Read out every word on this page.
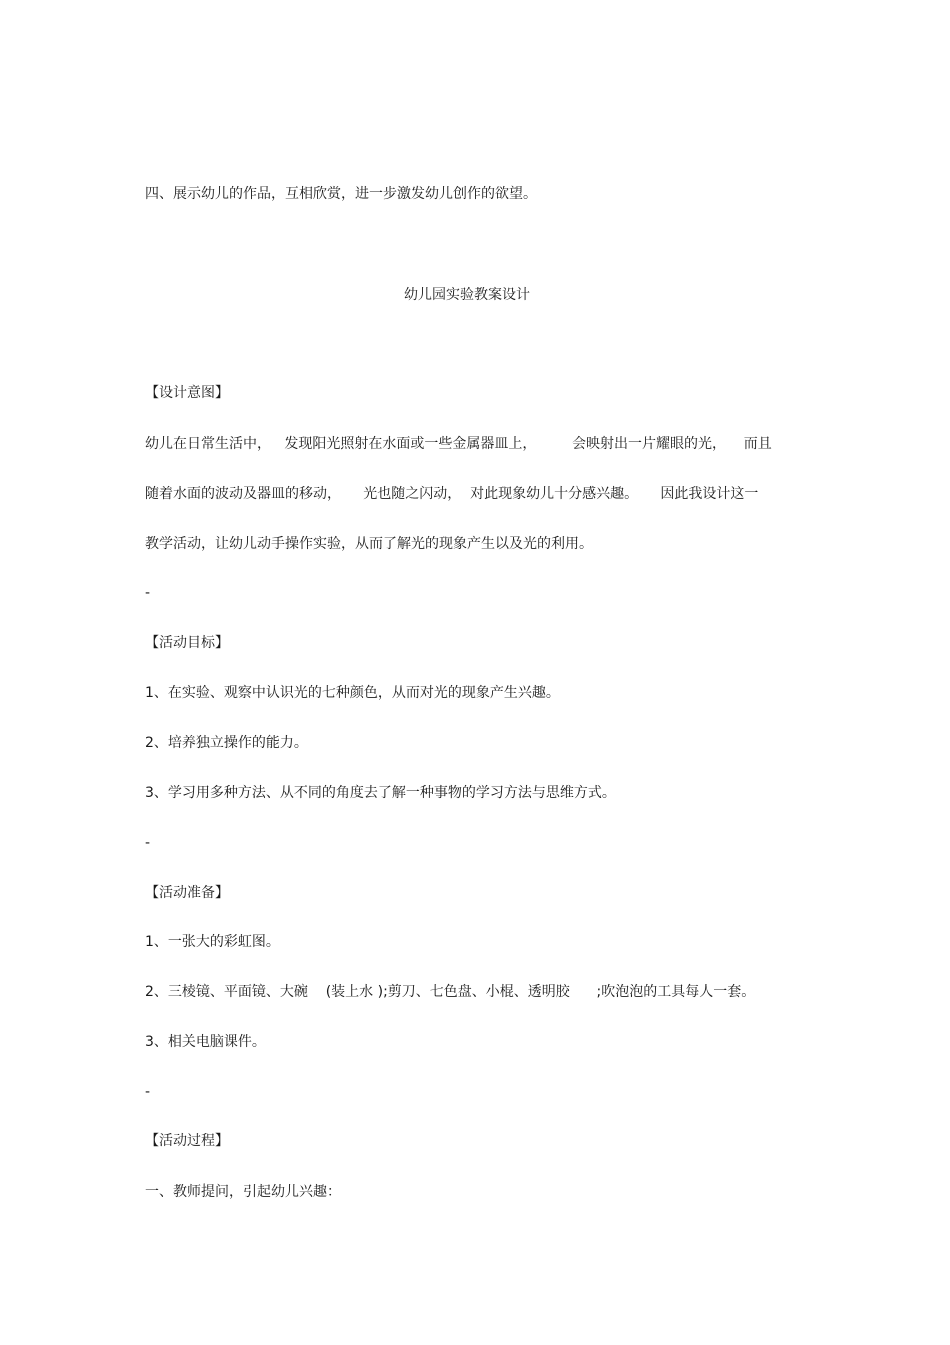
四、展示幼儿的作品，互相欣赏，进一步激发幼儿创作的欲望。
幼儿园实验教案设计
【设计意图】
幼儿在日常生活中，   发现阳光照射在水面或一些金属器皿上，        会映射出一片耀眼的光，    而且
随着水面的波动及器皿的移动，     光也随之闪动，  对此现象幼儿十分感兴趣。     因此我设计这一
教学活动，让幼儿动手操作实验，从而了解光的现象产生以及光的利用。
-
【活动目标】
1、在实验、观察中认识光的七种颜色，从而对光的现象产生兴趣。
2、培养独立操作的能力。
3、学习用多种方法、从不同的角度去了解一种事物的学习方法与思维方式。
-
【活动准备】
1、一张大的彩虹图。
2、三棱镜、平面镜、大碗    (装上水 );剪刀、七色盘、小棍、透明胶      ;吹泡泡的工具每人一套。
3、相关电脑课件。
-
【活动过程】
一、教师提问，引起幼儿兴趣：
